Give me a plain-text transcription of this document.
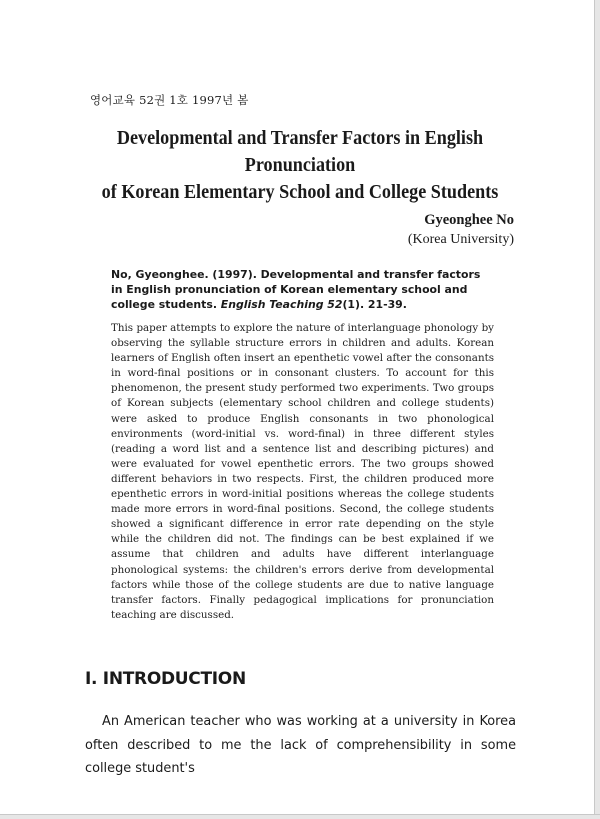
영어교육 52권 1호 1997년 봄
Developmental and Transfer Factors in English Pronunciation
of Korean Elementary School and College Students
Gyeonghee No
(Korea University)
No, Gyeonghee. (1997). Developmental and transfer factors in English pronunciation of Korean elementary school and college students. English Teaching 52(1). 21-39.
This paper attempts to explore the nature of interlanguage phonology by observing the syllable structure errors in children and adults. Korean learners of English often insert an epenthetic vowel after the consonants in word-final positions or in consonant clusters. To account for this phenomenon, the present study performed two experiments. Two groups of Korean subjects (elementary school children and college students) were asked to produce English consonants in two phonological environments (word-initial vs. word-final) in three different styles (reading a word list and a sentence list and describing pictures) and were evaluated for vowel epenthetic errors. The two groups showed different behaviors in two respects. First, the children produced more epenthetic errors in word-initial positions whereas the college students made more errors in word-final positions. Second, the college students showed a significant difference in error rate depending on the style while the children did not. The findings can be best explained if we assume that children and adults have different interlanguage phonological systems: the children's errors derive from developmental factors while those of the college students are due to native language transfer factors. Finally pedagogical implications for pronunciation teaching are discussed.
I. INTRODUCTION
An American teacher who was working at a university in Korea often described to me the lack of comprehensibility in some college student's
